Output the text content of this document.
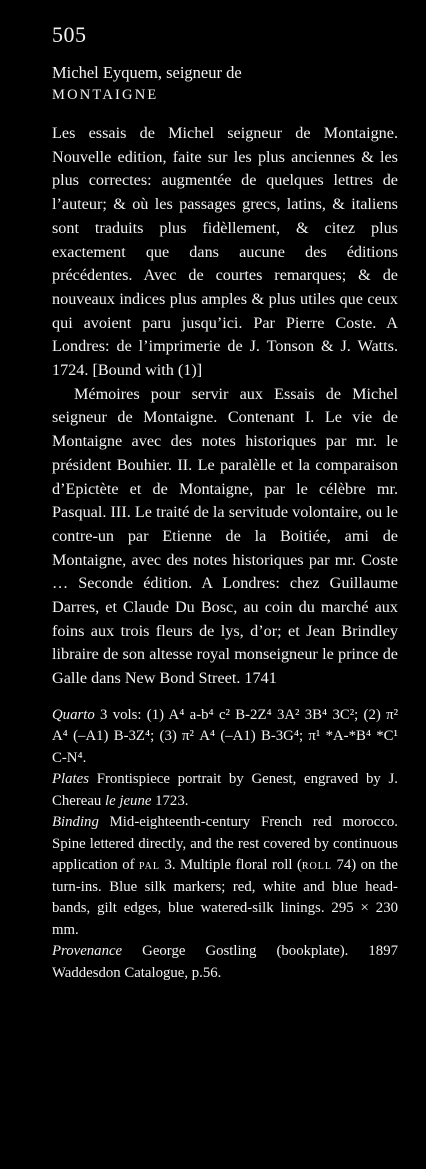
505
Michel Eyquem, seigneur de
MONTAIGNE

Les essais de Michel seigneur de Montaigne. Nouvelle edition, faite sur les plus anciennes & les plus correctes: augmentée de quelques lettres de l’auteur; & où les passages grecs, latins, & italiens sont traduits plus fidèllement, & citez plus exactement que dans aucune des éditions précédentes. Avec de courtes remarques; & de nouveaux indices plus amples & plus utiles que ceux qui avoient paru jusqu’ici. Par Pierre Coste. A Londres: de l’imprimerie de J. Tonson & J. Watts. 1724. [Bound with (1)]

Mémoires pour servir aux Essais de Michel seigneur de Montaigne. Contenant I. Le vie de Montaigne avec des notes historiques par mr. le président Bouhier. II. Le paralèlle et la comparaison d’Epictète et de Montaigne, par le célèbre mr. Pasqual. III. Le traité de la servitude volontaire, ou le contre-un par Etienne de la Boitiée, ami de Montaigne, avec des notes historiques par mr. Coste … Seconde édition. A Londres: chez Guillaume Darres, et Claude Du Bosc, au coin du marché aux foins aux trois fleurs de lys, d’or; et Jean Brindley libraire de son altesse royal monseigneur le prince de Galle dans New Bond Street. 1741

Quarto 3 vols: (1) A⁴ a-b⁴ c² B-2Z⁴ 3A² 3B⁴ 3C²; (2) π² A⁴ (–A1) B-3Z⁴; (3) π² A⁴ (–A1) B-3G⁴; π¹ *A-*B⁴ *C¹ C-N⁴.

Plates Frontispiece portrait by Genest, engraved by J. Chereau le jeune 1723.

Binding Mid-eighteenth-century French red morocco. Spine lettered directly, and the rest covered by continuous application of pal 3. Multiple floral roll (roll 74) on the turn-ins. Blue silk markers; red, white and blue head-bands, gilt edges, blue watered-silk linings. 295 × 230 mm.

Provenance George Gostling (bookplate). 1897 Waddesdon Catalogue, p.56.
